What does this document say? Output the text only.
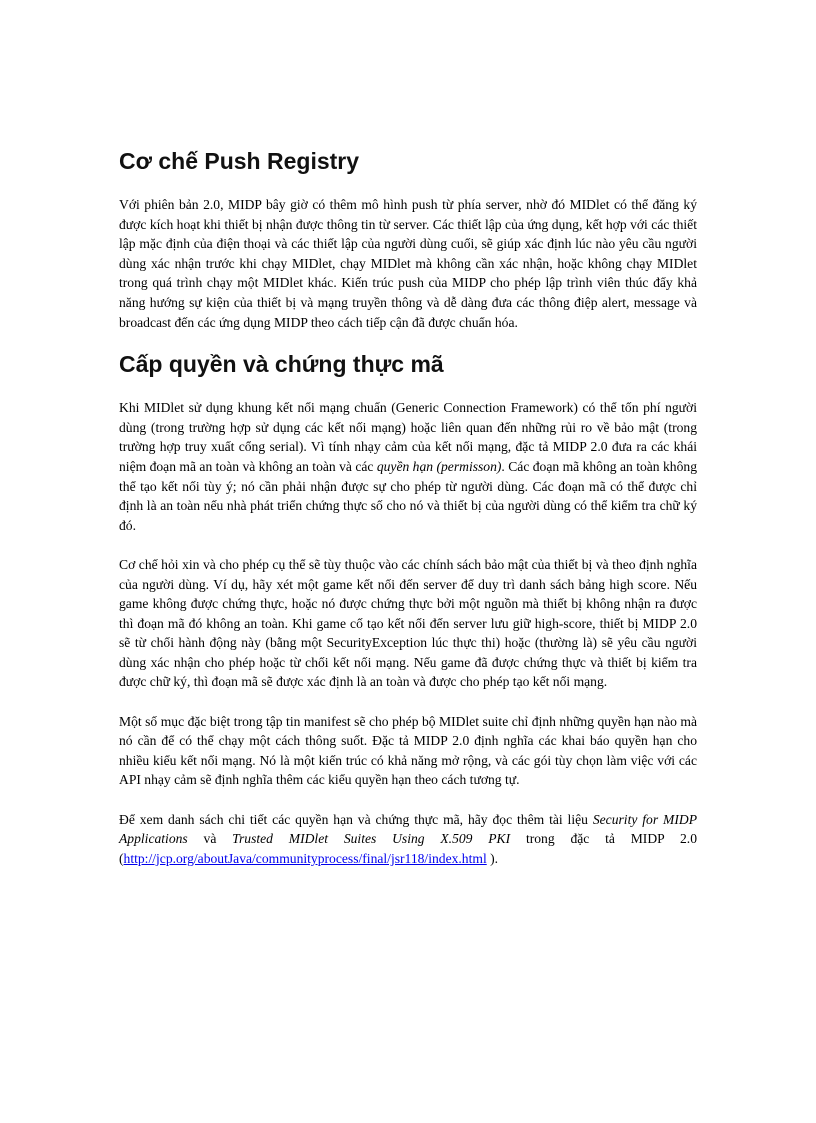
Cơ chế Push Registry

Với phiên bản 2.0, MIDP bây giờ có thêm mô hình push từ phía server, nhờ đó MIDlet có thể đăng ký được kích hoạt khi thiết bị nhận được thông tin từ server. Các thiết lập của ứng dụng, kết hợp với các thiết lập mặc định của điện thoại và các thiết lập của người dùng cuối, sẽ giúp xác định lúc nào yêu cầu người dùng xác nhận trước khi chạy MIDlet, chạy MIDlet mà không cần xác nhận, hoặc không chạy MIDlet trong quá trình chạy một MIDlet khác. Kiến trúc push của MIDP cho phép lập trình viên thúc đẩy khả năng hướng sự kiện của thiết bị và mạng truyền thông và dễ dàng đưa các thông điệp alert, message và broadcast đến các ứng dụng MIDP theo cách tiếp cận đã được chuẩn hóa.

Cấp quyền và chứng thực mã

Khi MIDlet sử dụng khung kết nối mạng chuẩn (Generic Connection Framework) có thể tốn phí người dùng (trong trường hợp sử dụng các kết nối mạng) hoặc liên quan đến những rủi ro về bảo mật (trong trường hợp truy xuất cổng serial). Vì tính nhạy cảm của kết nối mạng, đặc tả MIDP 2.0 đưa ra các khái niệm đoạn mã an toàn và không an toàn và các quyền hạn (permisson). Các đoạn mã không an toàn không thể tạo kết nối tùy ý; nó cần phải nhận được sự cho phép từ người dùng. Các đoạn mã có thể được chỉ định là an toàn nếu nhà phát triển chứng thực số cho nó và thiết bị của người dùng có thể kiểm tra chữ ký đó.

Cơ chế hỏi xin và cho phép cụ thể sẽ tùy thuộc vào các chính sách bảo mật của thiết bị và theo định nghĩa của người dùng. Ví dụ, hãy xét một game kết nối đến server để duy trì danh sách bảng high score. Nếu game không được chứng thực, hoặc nó được chứng thực bởi một nguồn mà thiết bị không nhận ra được thì đoạn mã đó không an toàn. Khi game cố tạo kết nối đến server lưu giữ high-score, thiết bị MIDP 2.0 sẽ từ chối hành động này (bằng một SecurityException lúc thực thi) hoặc (thường là) sẽ yêu cầu người dùng xác nhận cho phép hoặc từ chối kết nối mạng. Nếu game đã được chứng thực và thiết bị kiểm tra được chữ ký, thì đoạn mã sẽ được xác định là an toàn và được cho phép tạo kết nối mạng.

Một số mục đặc biệt trong tập tin manifest sẽ cho phép bộ MIDlet suite chỉ định những quyền hạn nào mà nó cần để có thể chạy một cách thông suốt. Đặc tả MIDP 2.0 định nghĩa các khai báo quyền hạn cho nhiều kiểu kết nối mạng. Nó là một kiến trúc có khả năng mở rộng, và các gói tùy chọn làm việc với các API nhạy cảm sẽ định nghĩa thêm các kiểu quyền hạn theo cách tương tự.

Để xem danh sách chi tiết các quyền hạn và chứng thực mã, hãy đọc thêm tài liệu Security for MIDP Applications và Trusted MIDlet Suites Using X.509 PKI trong đặc tả MIDP 2.0 (http://jcp.org/aboutJava/communityprocess/final/jsr118/index.html ).
